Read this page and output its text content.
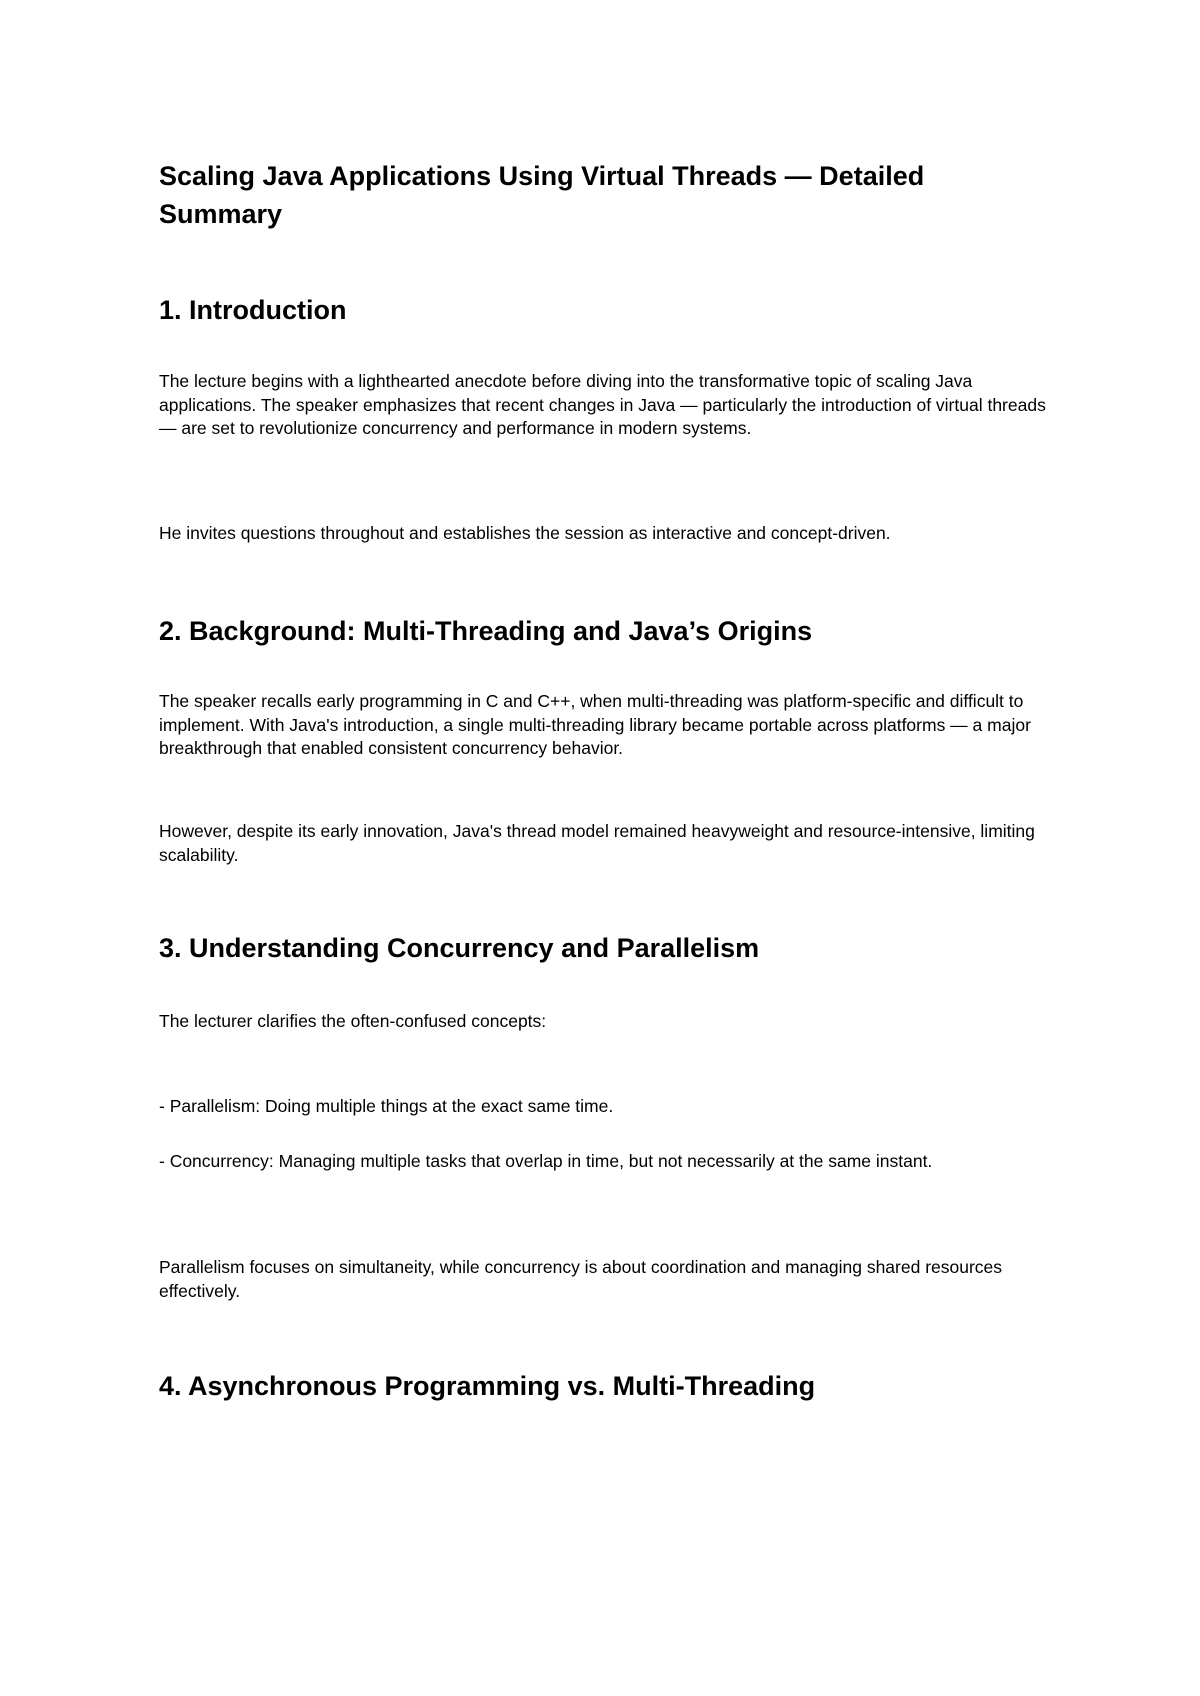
Scaling Java Applications Using Virtual Threads — Detailed Summary
1. Introduction

The lecture begins with a lighthearted anecdote before diving into the transformative topic of scaling Java applications. The speaker emphasizes that recent changes in Java — particularly the introduction of virtual threads — are set to revolutionize concurrency and performance in modern systems.

He invites questions throughout and establishes the session as interactive and concept-driven.

2. Background: Multi-Threading and Java’s Origins

The speaker recalls early programming in C and C++, when multi-threading was platform-specific and difficult to implement. With Java's introduction, a single multi-threading library became portable across platforms — a major breakthrough that enabled consistent concurrency behavior.

However, despite its early innovation, Java's thread model remained heavyweight and resource-intensive, limiting scalability.

3. Understanding Concurrency and Parallelism

The lecturer clarifies the often-confused concepts:

- Parallelism: Doing multiple things at the exact same time.

- Concurrency: Managing multiple tasks that overlap in time, but not necessarily at the same instant.

Parallelism focuses on simultaneity, while concurrency is about coordination and managing shared resources effectively.

4. Asynchronous Programming vs. Multi-Threading
